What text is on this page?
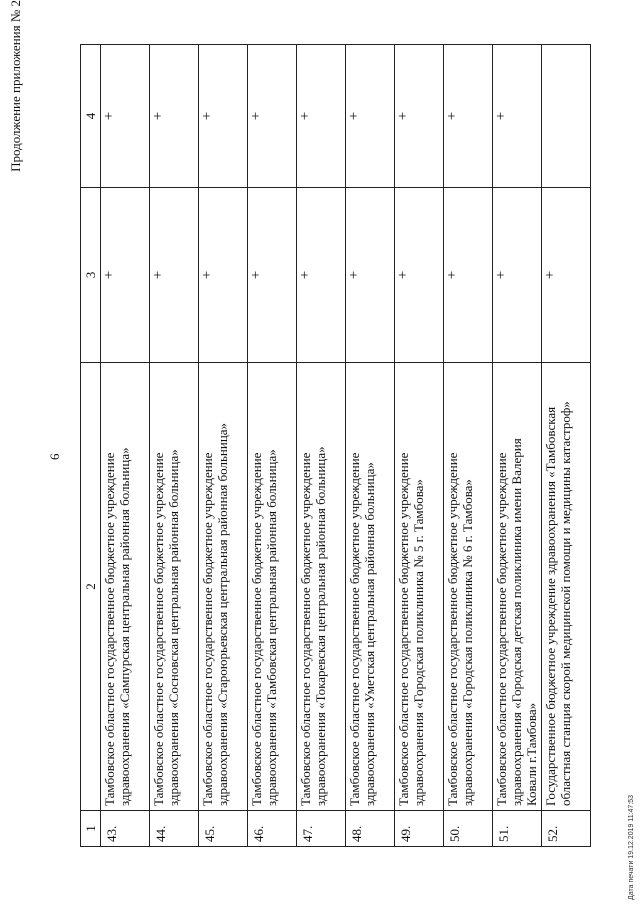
Продолжение приложения № 2
6
1	2	3	4
43.	Тамбовское областное государственное бюджетное учреждение здравоохранения «Сампурская центральная районная больница»	+	+
44.	Тамбовское областное государственное бюджетное учреждение здравоохранения «Сосновская центральная районная больница»	+	+
45.	Тамбовское областное государственное бюджетное учреждение здравоохранения «Староюрьевская центральная районная больница»	+	+
46.	Тамбовское областное государственное бюджетное учреждение здравоохранения «Тамбовская центральная районная больница»	+	+
47.	Тамбовское областное государственное бюджетное учреждение здравоохранения «Токаревская центральная районная больница»	+	+
48.	Тамбовское областное государственное бюджетное учреждение здравоохранения «Уметская центральная районная больница»	+	+
49.	Тамбовское областное государственное бюджетное учреждение здравоохранения «Городская поликлиника № 5 г. Тамбова»	+	+
50.	Тамбовское областное государственное бюджетное учреждение здравоохранения «Городская поликлиника № 6 г. Тамбова»	+	+
51.	Тамбовское областное государственное бюджетное учреждение здравоохранения «Городская детская поликлиника имени Валерия Ковали г.Тамбова»	+	+
52.	Государственное бюджетное учреждение здравоохранения «Тамбовская областная станция скорой медицинской помощи и медицины катастроф»	+	
Дата печати 19.12.2019 11:47:53
